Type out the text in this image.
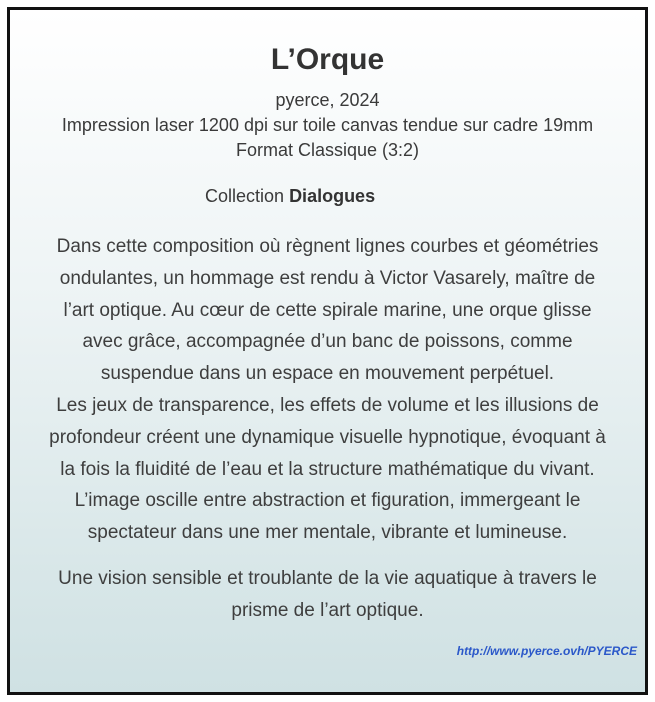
L’Orque
pyerce, 2024
Impression laser 1200 dpi sur toile canvas tendue sur cadre 19mm
Format Classique (3:2)
Collection Dialogues

Dans cette composition où règnent lignes courbes et géométries
ondulantes, un hommage est rendu à Victor Vasarely, maître de
l’art optique. Au cœur de cette spirale marine, une orque glisse
avec grâce, accompagnée d’un banc de poissons, comme
suspendue dans un espace en mouvement perpétuel.
Les jeux de transparence, les effets de volume et les illusions de
profondeur créent une dynamique visuelle hypnotique, évoquant à
la fois la fluidité de l’eau et la structure mathématique du vivant.
L’image oscille entre abstraction et figuration, immergeant le
spectateur dans une mer mentale, vibrante et lumineuse.

Une vision sensible et troublante de la vie aquatique à travers le
prisme de l’art optique.

http://www.pyerce.ovh/PYERCE
